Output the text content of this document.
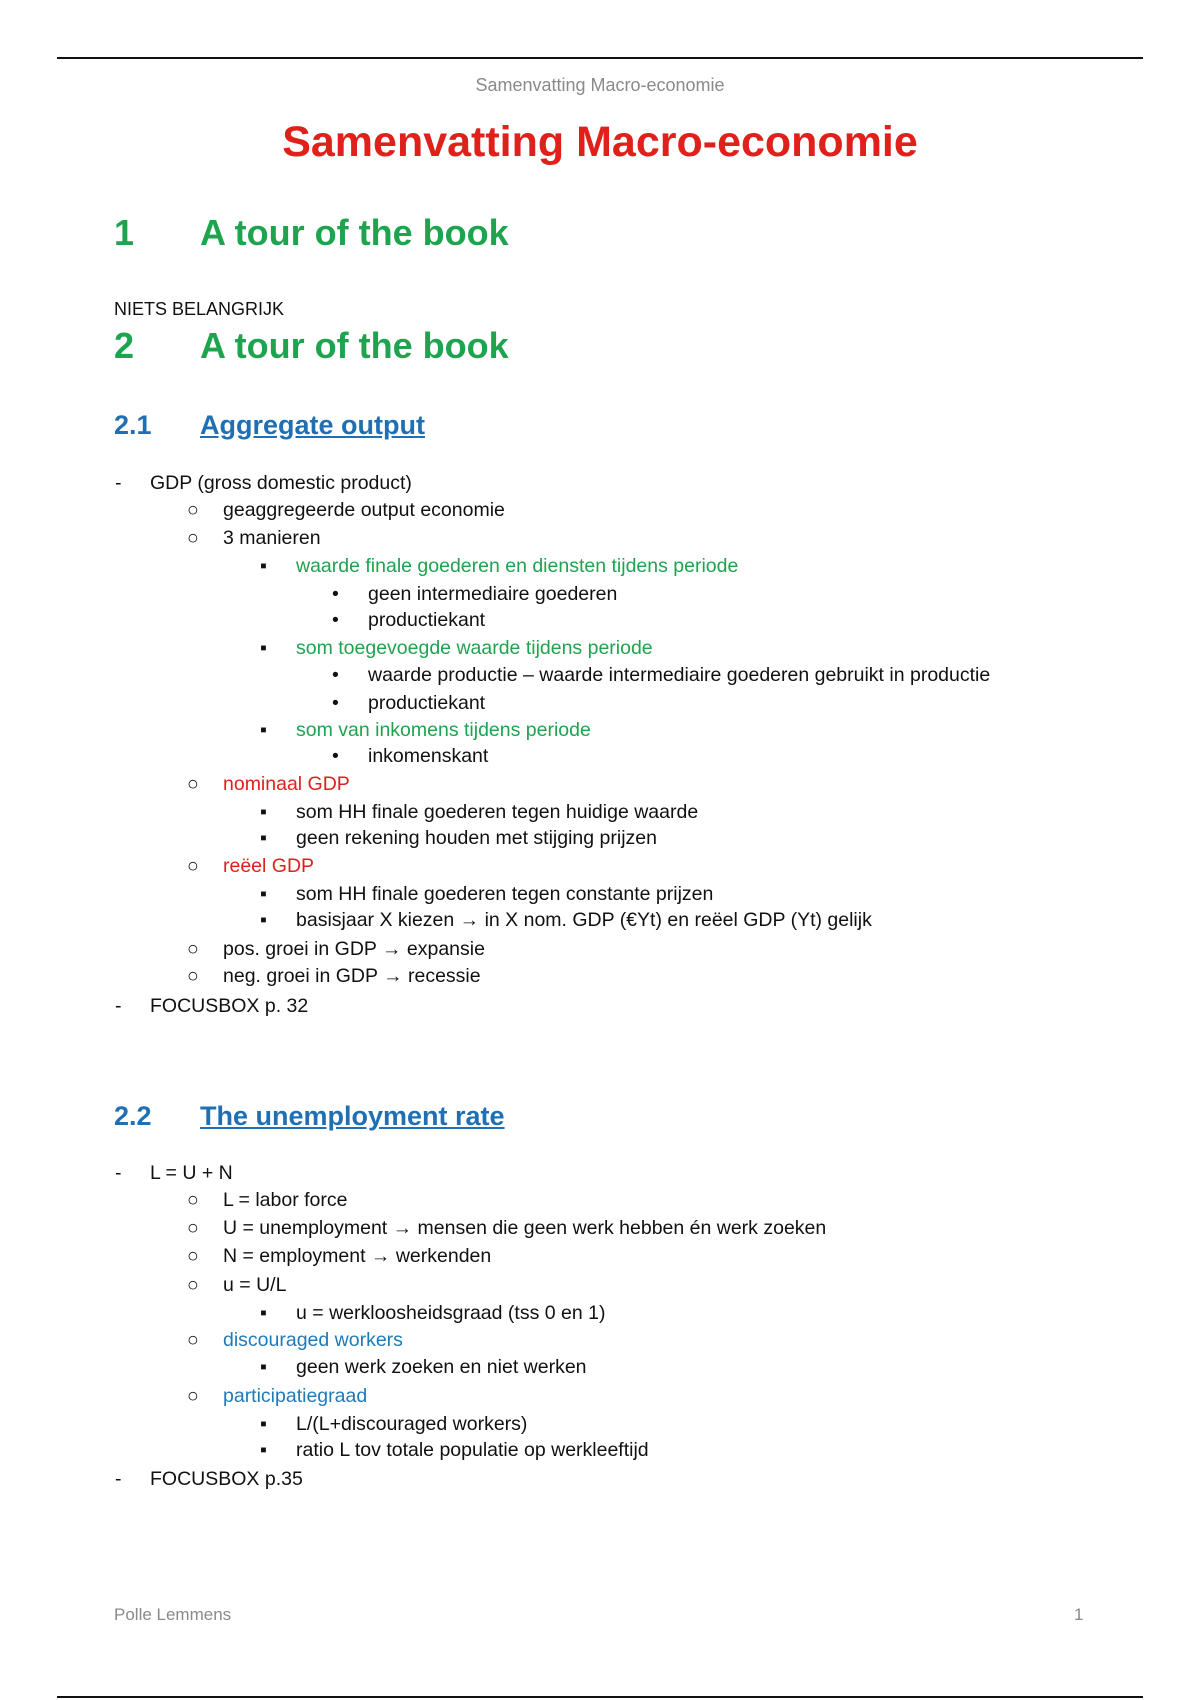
Samenvatting Macro-economie
Samenvatting Macro-economie
1 A tour of the book
NIETS BELANGRIJK
2 A tour of the book
2.1 Aggregate output
- GDP (gross domestic product)
○ geaggregeerde output economie
○ 3 manieren
▪ waarde finale goederen en diensten tijdens periode
• geen intermediaire goederen
• productiekant
▪ som toegevoegde waarde tijdens periode
• waarde productie – waarde intermediaire goederen gebruikt in productie
• productiekant
▪ som van inkomens tijdens periode
• inkomenskant
○ nominaal GDP
▪ som HH finale goederen tegen huidige waarde
▪ geen rekening houden met stijging prijzen
○ reëel GDP
▪ som HH finale goederen tegen constante prijzen
▪ basisjaar X kiezen → in X nom. GDP (€Yt) en reëel GDP (Yt) gelijk
○ pos. groei in GDP → expansie
○ neg. groei in GDP → recessie
- FOCUSBOX p. 32
2.2 The unemployment rate
- L = U + N
○ L = labor force
○ U = unemployment → mensen die geen werk hebben én werk zoeken
○ N = employment → werkenden
○ u = U/L
▪ u = werkloosheidsgraad (tss 0 en 1)
○ discouraged workers
▪ geen werk zoeken en niet werken
○ participatiegraad
▪ L/(L+discouraged workers)
▪ ratio L tov totale populatie op werkleeftijd
- FOCUSBOX p.35
Polle Lemmens	1
